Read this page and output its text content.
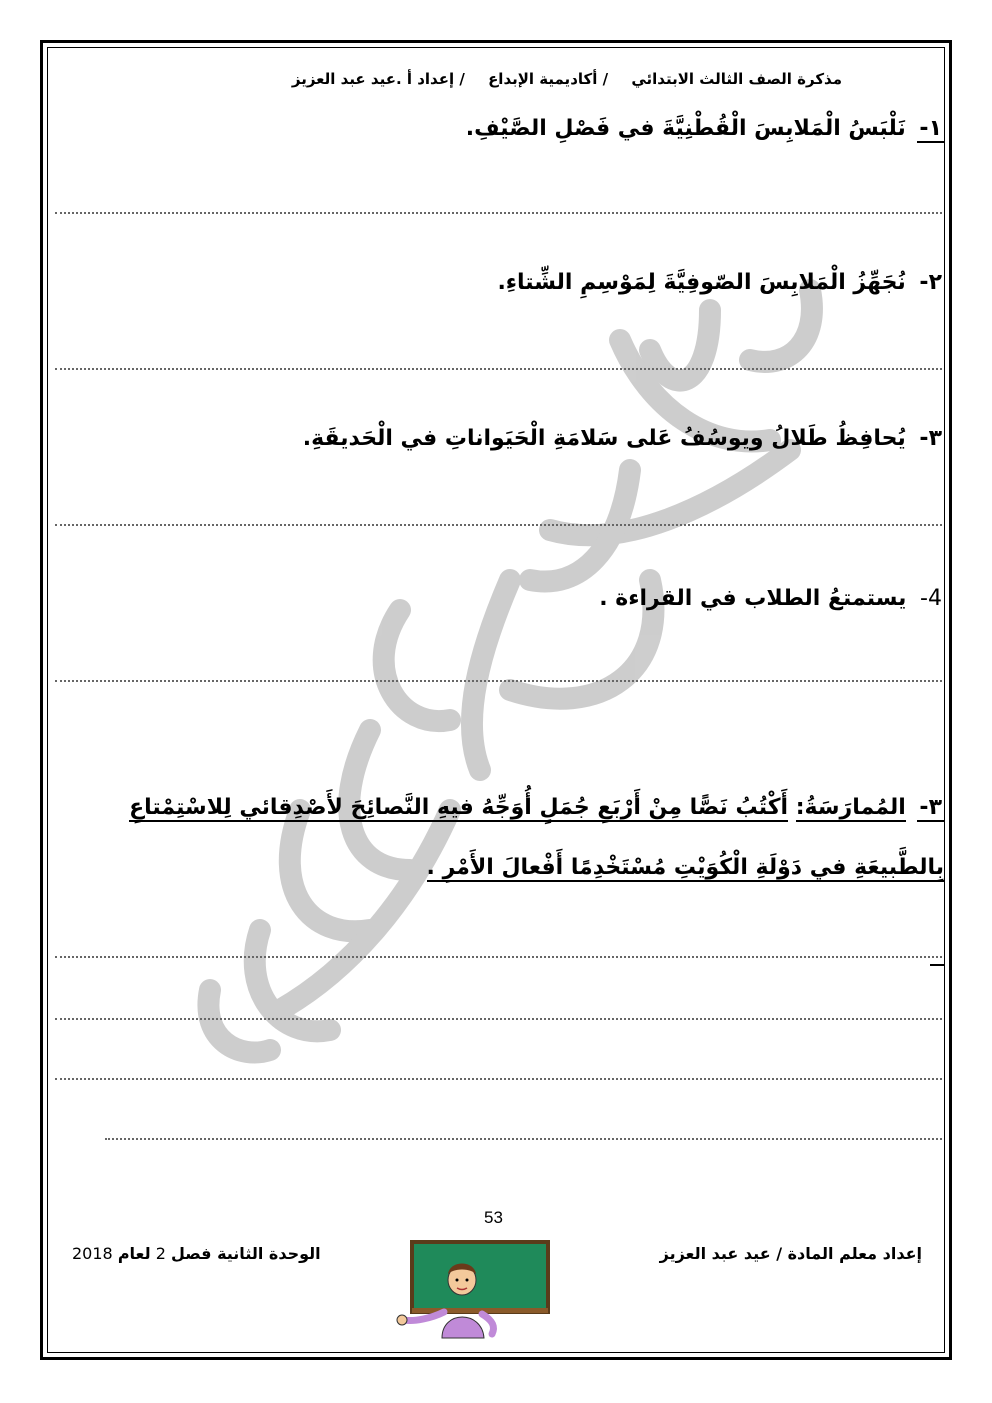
مذكرة الصف الثالث الابتدائي / أكاديمية الإبداع / إعداد أ .عيد عبد العزيز
١- نَلْبَسُ الْمَلابِسَ الْقُطْنِيَّةَ في فَصْلِ الصَّيْفِ.
٢- نُجَهِّزُ الْمَلابِسَ الصّوفِيَّةَ لِمَوْسِمِ الشِّتاءِ.
٣- يُحافِظُ طَلالُ ويوسُفُ عَلى سَلامَةِ الْحَيَواناتِ في الْحَديقَةِ.
4- يستمتعُ الطلاب في القراءة .
٣- المُمارَسَةُ: أَكْتُبُ نَصًّا مِنْ أَرْبَعِ جُمَلٍ أُوَجِّهُ فيهِ النَّصائِحَ لأَصْدِقائي لِلاسْتِمْتاعِ
بِالطَّبيعَةِ في دَوْلَةِ الْكُوَيْتِ مُسْتَخْدِمًا أَفْعالَ الأَمْرِ .
53
إعداد معلم المادة / عيد عبد العزيز
الوحدة الثانية فصل 2 لعام 2018
